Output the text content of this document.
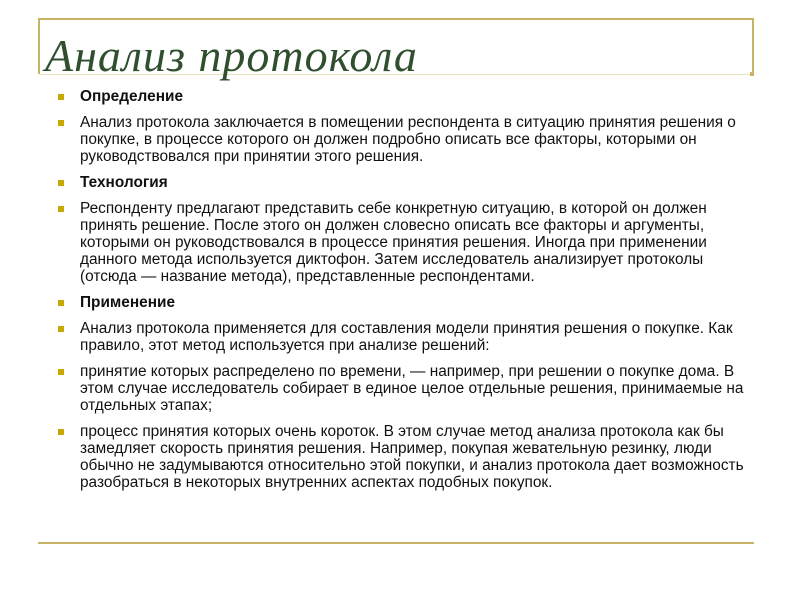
Анализ протокола
Определение
Анализ протокола заключается в помещении респондента в ситуацию принятия решения о покупке, в процессе которого он должен подробно описать все факторы, которыми он руководствовался при принятии этого решения.
Технология
Респонденту предлагают представить себе конкретную ситуацию, в которой он должен принять решение. После этого он должен словесно описать все факторы и аргументы, которыми он руководствовался в процессе принятия решения. Иногда при применении данного метода используется диктофон. Затем исследователь анализирует протоколы (отсюда — название метода), представленные респондентами.
Применение
Анализ протокола применяется для составления модели принятия решения о покупке. Как правило, этот метод используется при анализе решений:
принятие которых распределено по времени, — например, при решении о покупке дома. В этом случае исследователь собирает в единое целое отдельные решения, принимаемые на отдельных этапах;
процесс принятия которых очень короток. В этом случае метод анализа протокола как бы замедляет скорость принятия решения. Например, покупая жевательную резинку, люди обычно не задумываются относительно этой покупки, и анализ протокола дает возможность разобраться в некоторых внутренних аспектах подобных покупок.
